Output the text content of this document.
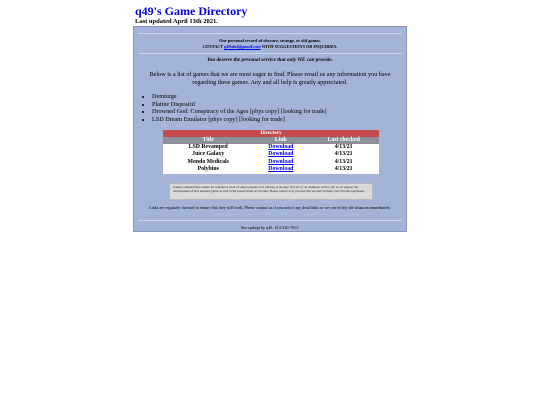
q49's Game Directory
Last updated April 13th 2021.
Our personal record of obscure, strange, or old games.
CONTACT q49abel@gmail.com WITH SUGGESTIONS OR INQUIRIES.
You deserve the personal service that only WE can provide.
Below is a list of games that we are most eager to find. Please email us any information you have regarding these games. Any and all help is greatly appreciated.
• Demiurge
• Platine Dispositif
• Drowned God: Conspiracy of the Ages [phys copy] [looking for trade]
• LSD Dream Emulator [phys copy] [looking for trade]
Directory		
Title	Link	Last checked
LSD Revamped	Download	4/13/21
Juice Galaxy	Download	4/13/21
Mondo Medicals	Download	4/13/21
Polybius	Download	4/13/21
Games compiled here cannot be convinced stock of what is meant to be obscure or strange. Not all of our additions will be old, as we support the development of new unusual games as well as the preservation of old ones. Please contact us if you feel that we don't include your favorite specimens.
Links are regularly checked to ensure that they still work. Please contact us if you notice any dead links so we can rectify the situation immediately.
Site upkept by q49. 414-226-7011.
